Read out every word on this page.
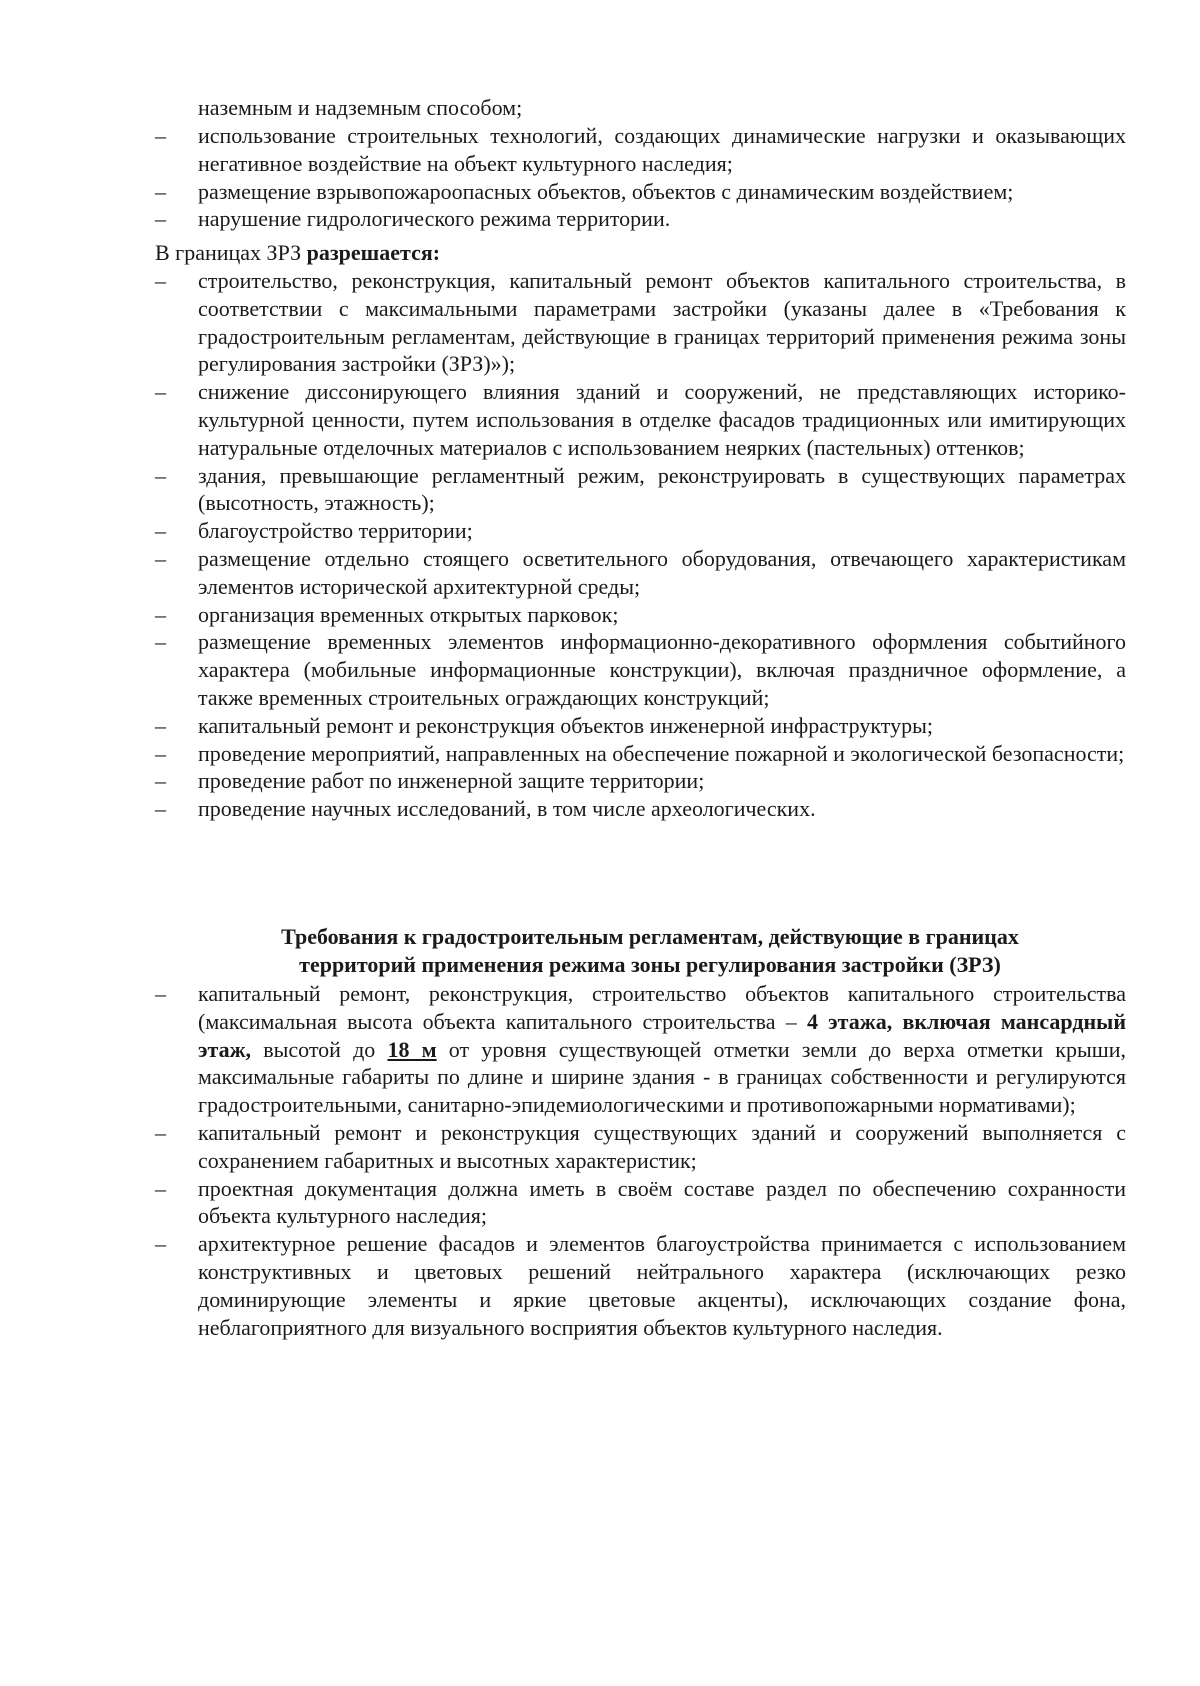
наземным и надземным способом;
– использование строительных технологий, создающих динамические нагрузки и оказывающих негативное воздействие на объект культурного наследия;
– размещение взрывопожароопасных объектов, объектов с динамическим воздействием;
– нарушение гидрологического режима территории.
В границах ЗРЗ разрешается:
– строительство, реконструкция, капитальный ремонт объектов капитального строительства, в соответствии с максимальными параметрами застройки (указаны далее в «Требования к градостроительным регламентам, действующие в границах территорий применения режима зоны регулирования застройки (ЗРЗ)»);
– снижение диссонирующего влияния зданий и сооружений, не представляющих историко-культурной ценности, путем использования в отделке фасадов традиционных или имитирующих натуральные отделочных материалов с использованием неярких (пастельных) оттенков;
– здания, превышающие регламентный режим, реконструировать в существующих параметрах (высотность, этажность);
– благоустройство территории;
– размещение отдельно стоящего осветительного оборудования, отвечающего характеристикам элементов исторической архитектурной среды;
– организация временных открытых парковок;
– размещение временных элементов информационно-декоративного оформления событийного характера (мобильные информационные конструкции), включая праздничное оформление, а также временных строительных ограждающих конструкций;
– капитальный ремонт и реконструкция объектов инженерной инфраструктуры;
– проведение мероприятий, направленных на обеспечение пожарной и экологической безопасности;
– проведение работ по инженерной защите территории;
– проведение научных исследований, в том числе археологических.
Требования к градостроительным регламентам, действующие в границах
территорий применения режима зоны регулирования застройки (ЗРЗ)
– капитальный ремонт, реконструкция, строительство объектов капитального строительства (максимальная высота объекта капитального строительства – 4 этажа, включая мансардный этаж, высотой до 18 м от уровня существующей отметки земли до верха отметки крыши, максимальные габариты по длине и ширине здания - в границах собственности и регулируются градостроительными, санитарно-эпидемиологическими и противопожарными нормативами);
– капитальный ремонт и реконструкция существующих зданий и сооружений выполняется с сохранением габаритных и высотных характеристик;
– проектная документация должна иметь в своём составе раздел по обеспечению сохранности объекта культурного наследия;
– архитектурное решение фасадов и элементов благоустройства принимается с использованием конструктивных и цветовых решений нейтрального характера (исключающих резко доминирующие элементы и яркие цветовые акценты), исключающих создание фона, неблагоприятного для визуального восприятия объектов культурного наследия.
